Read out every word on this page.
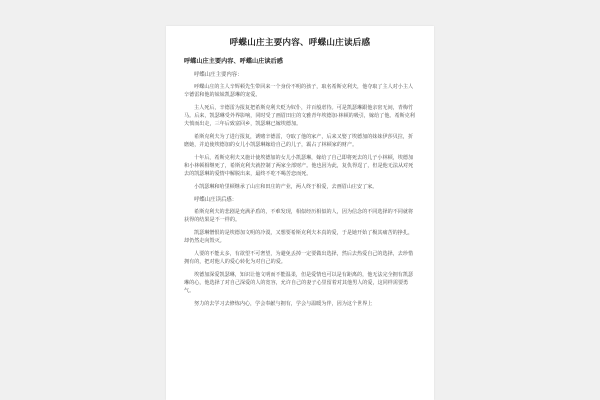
呼蝶山庄主要内容、呼蝶山庄读后感
呼蝶山庄主要内容、呼蝶山庄读后感
呼蝶山庄主要内容：
呼蝶山庄的主人辛辉顿先生带回来一个身份不明的孩子，取名希斯克利夫，他夺取了主人对小主人辛德雷和他的妹妹凯瑟琳的宠爱。
主人死后，辛德雷为报复把希斯克利夫贬为奴仆，并百般虐待。可是凯瑟琳跟他亲密无间，青梅竹马。后来，凯瑟琳受外界影响，同时受了画眉田庄的文雅青年埃德加·林顿的吸引，嫁给了他。希斯克利夫愤而出走，三年后致富回乡，凯瑟琳已嫁埃德加。
希斯克利夫为了进行报复，诱赌辛德雷，夺取了他的家产，后来又娶了埃德加的妹妹伊莎贝拉，折磨她，并迫使埃德加的女儿小凯瑟琳嫁给自己的儿子，霸占了林顿家的财产。
十年后，希斯克利夫又施计使埃德加的女儿小凯瑟琳，嫁给了自己即将死去的儿子小林顿，埃德加和小林顿相继死了，希斯克利夫就控制了两家全部财产。他也因为此，复仇得逞了，但是他无法从对死去的凯瑟琳的爱情中解脱出来，最终不吃不喝苦恋而死。
小凯瑟琳和哈里顿继承了山庄和田庄的产业，两人终于相爱，去画眉山庄安了家。
呼蝶山庄读后感：
希斯克利夫的悲剧是充满矛盾的，不难发现，相似经历相似的人，因为信念的不同选择的不同就将获得的结果是不一样的。
凯瑟琳憎恨的是埃德加文明的冷漠，又想要希斯克利夫本真的爱，于是她开始了极其痛苦的挣扎，却仍然走向毁灭。
人要的不能太多，有欲望不可奢望，为避免丢掉一定要做出选择，然后去热爱自己的选择，去珍惜拥有的，把对他人的爱心转化为对自己的爱。
埃德加深爱凯瑟琳，知识让他文明而不能温柔，但是爱情也可以是有距离的，他无法完全拥有凯瑟琳的心，他选择了对自己深爱的人的宽容，允许自己的妻子心里留着对其他男人的爱，这同样需要勇气。
努力的去学习去修炼内心，学会奉献与拥有，学会与温暖为伴，因为这个世界上
